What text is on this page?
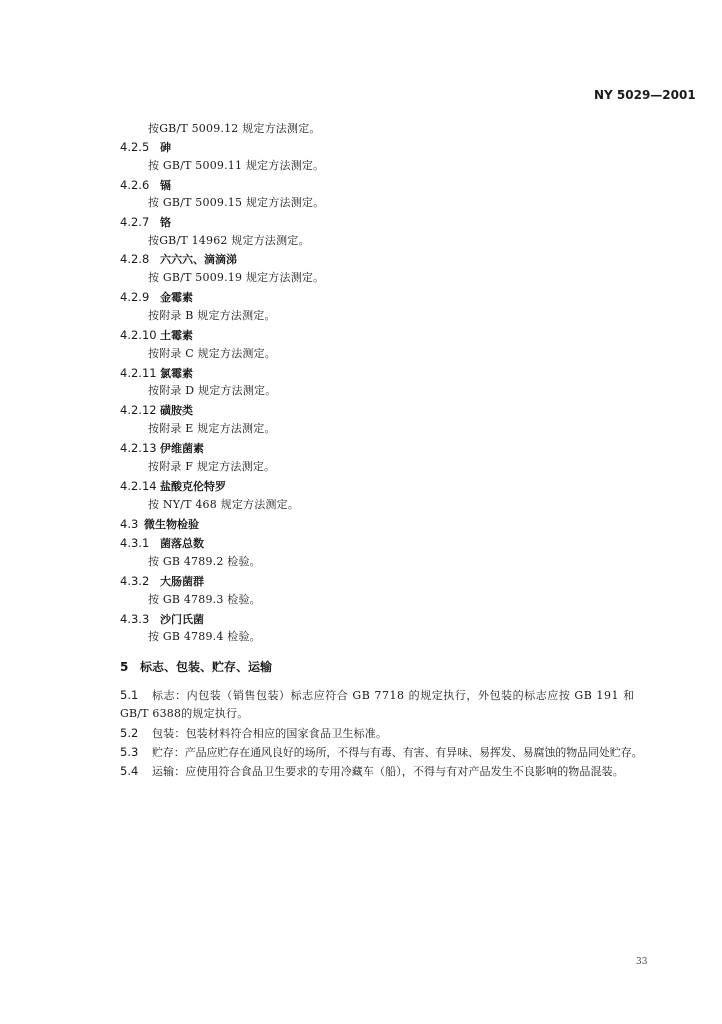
NY 5029—2001
按GB/T 5009.12 规定方法测定。
4.2.5 砷
按 GB/T 5009.11 规定方法测定。
4.2.6 镉
按 GB/T 5009.15 规定方法测定。
4.2.7 铬
按GB/T 14962 规定方法测定。
4.2.8 六六六、滴滴涕
按 GB/T 5009.19 规定方法测定。
4.2.9 金霉素
按附录 B 规定方法测定。
4.2.10 土霉素
按附录 C 规定方法测定。
4.2.11 氯霉素
按附录 D 规定方法测定。
4.2.12 磺胺类
按附录 E 规定方法测定。
4.2.13 伊维菌素
按附录 F 规定方法测定。
4.2.14 盐酸克伦特罗
按 NY/T 468 规定方法测定。
4.3 微生物检验
4.3.1 菌落总数
按 GB 4789.2 检验。
4.3.2 大肠菌群
按 GB 4789.3 检验。
4.3.3 沙门氏菌
按 GB 4789.4 检验。
5 标志、包装、贮存、运输
5.1 标志：内包装（销售包装）标志应符合 GB 7718 的规定执行，外包装的标志应按 GB 191 和
GB/T 6388的规定执行。
5.2 包装：包装材料符合相应的国家食品卫生标准。
5.3 贮存：产品应贮存在通风良好的场所，不得与有毒、有害、有异味、易挥发、易腐蚀的物品同处贮存。
5.4 运输：应使用符合食品卫生要求的专用冷藏车（船），不得与有对产品发生不良影响的物品混装。
33
